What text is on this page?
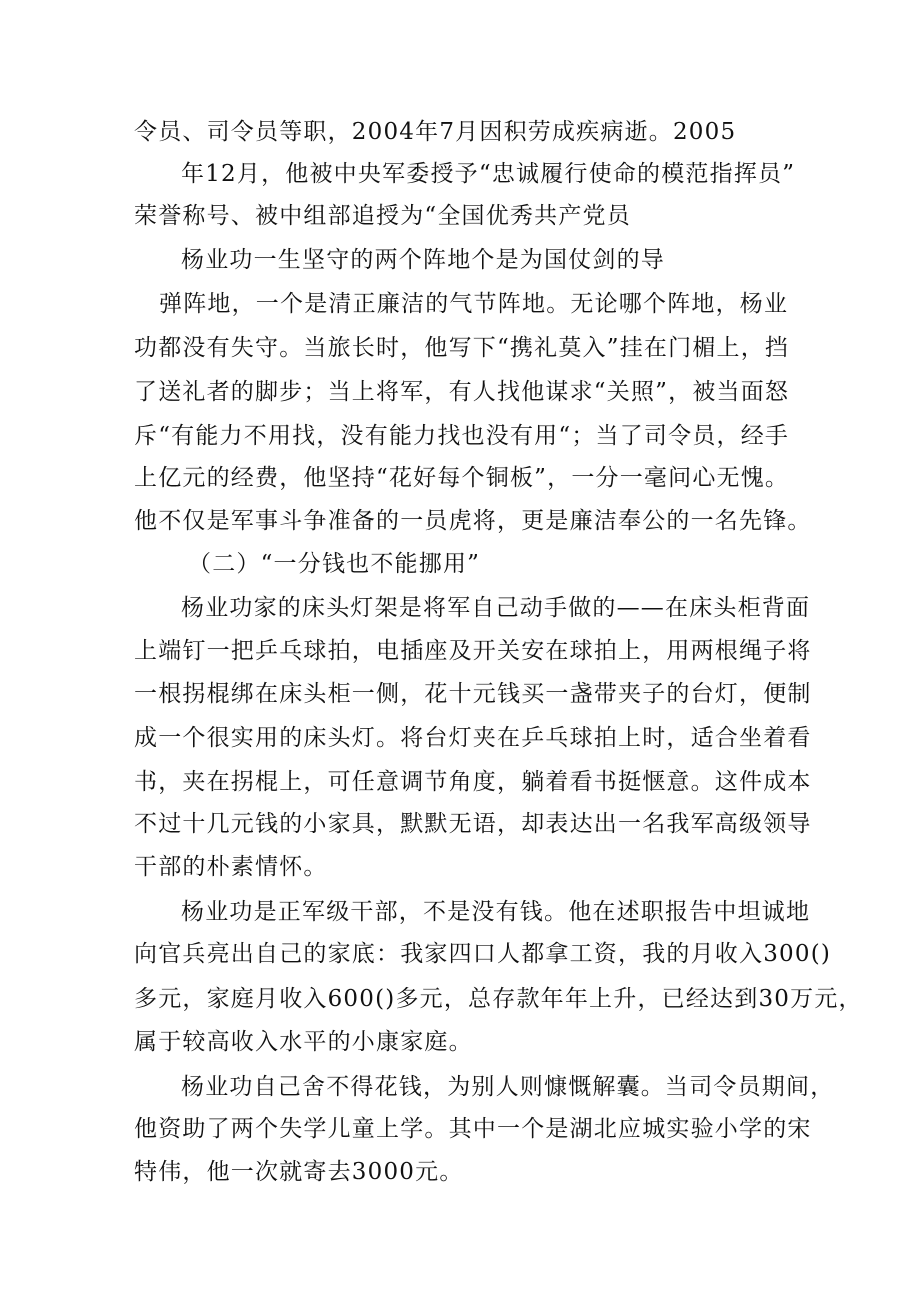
令员、司令员等职，2004年7月因积劳成疾病逝。2005
年12月，他被中央军委授予“忠诚履行使命的模范指挥员”
荣誉称号、被中组部追授为“全国优秀共产党员
杨业功一生坚守的两个阵地个是为国仗剑的导
弹阵地，一个是清正廉洁的气节阵地。无论哪个阵地，杨业
功都没有失守。当旅长时，他写下“携礼莫入”挂在门楣上，挡
了送礼者的脚步；当上将军，有人找他谋求“关照”，被当面怒
斥“有能力不用找，没有能力找也没有用“；当了司令员，经手
上亿元的经费，他坚持“花好每个铜板”，一分一毫问心无愧。
他不仅是军事斗争准备的一员虎将，更是廉洁奉公的一名先锋。
（二）“一分钱也不能挪用”
杨业功家的床头灯架是将军自己动手做的——在床头柜背面
上端钉一把乒乓球拍，电插座及开关安在球拍上，用两根绳子将
一根拐棍绑在床头柜一侧，花十元钱买一盏带夹子的台灯，便制
成一个很实用的床头灯。将台灯夹在乒乓球拍上时，适合坐着看
书，夹在拐棍上，可任意调节角度，躺着看书挺惬意。这件成本
不过十几元钱的小家具，默默无语，却表达出一名我军高级领导
干部的朴素情怀。
杨业功是正军级干部，不是没有钱。他在述职报告中坦诚地
向官兵亮出自己的家底：我家四口人都拿工资，我的月收入300()
多元，家庭月收入600()多元，总存款年年上升，已经达到30万元，
属于较高收入水平的小康家庭。
杨业功自己舍不得花钱，为别人则慷慨解囊。当司令员期间，
他资助了两个失学儿童上学。其中一个是湖北应城实验小学的宋
特伟，他一次就寄去3000元。
